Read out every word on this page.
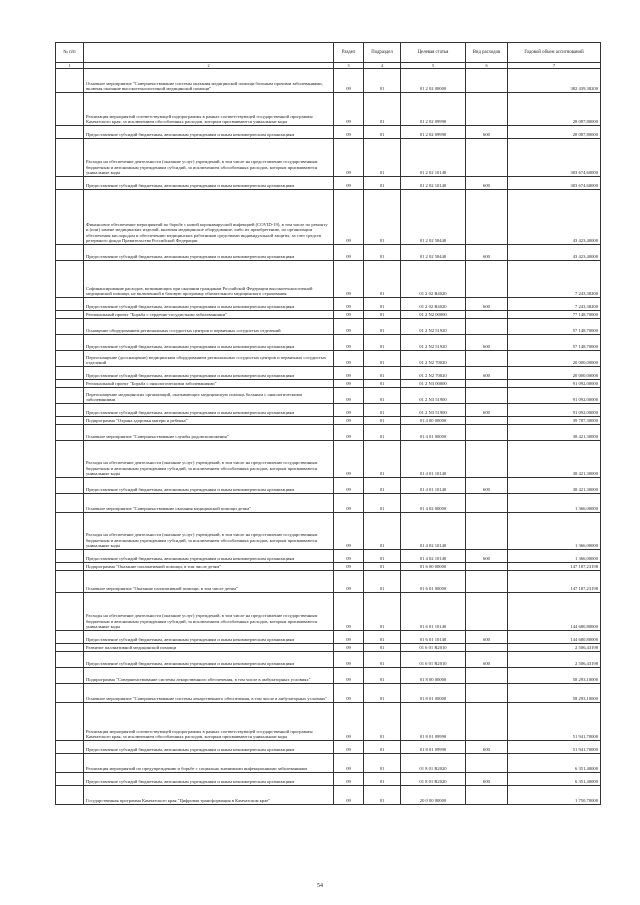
№ п/п		Раздел	Подраздел	Целевая статья	Вид расходов	Годовой объем ассигнований
1	2	3	4	5	6	7
	Основное мероприятие "Совершенствование системы оказания медицинской помощи больным прочими заболеваниями, включая оказание высокотехнологичной медицинской помощи"	09	01	01 2 02 00000		382 439,38200
	Реализация мероприятий соответствующей подпрограммы в рамках соответствующей государственной программы Камчатского края, за исключением обособленных расходов, которым присваиваются уникальные коды	09	01	01 2 02 09990		28 087,80000
	Предоставление субсидий бюджетным, автономным учреждениям и иным некоммерческим организациям	09	01	01 2 02 09990	600	28 087,80000
	Расходы на обеспечение деятельности (оказание услуг) учреждений, в том числе на предоставление государственным бюджетным и автономным учреждениям субсидий, за исключением обособленных расходов, которым присваиваются уникальные коды	09	01	01 2 02 10140		303 674,60000
	Предоставление субсидий бюджетным, автономным учреждениям и иным некоммерческим организациям	09	01	01 2 02 10140	600	303 674,60000
	Финансовое обеспечение мероприятий по борьбе с новой коронавирусной инфекцией (COVID-19), в том числе по ремонту и (или) замене медицинских изделий, включая медицинское оборудование, либо их приобретению, по организации обеспечения кислородом и обеспечению медицинских работников средствами индивидуальной защиты, за счет средств резервного фонда Правительства Российской Федерации	09	01	01 2 02 58440		43 423,40000
	Предоставление субсидий бюджетным, автономным учреждениям и иным некоммерческим организациям	09	01	01 2 02 58440	600	43 423,40000
	Софинансирование расходов, возникающих при оказании гражданам Российской Федерации высокотехнологичной медицинской помощи, не включенной в базовую программу обязательного медицинского страхования	09	01	01 2 02 R4020		7 243,38200
	Предоставление субсидий бюджетным, автономным учреждениям и иным некоммерческим организациям	09	01	01 2 02 R4020	600	7 243,38200
	Региональный проект "Борьба с сердечно-сосудистыми заболеваниями"	09	01	01 2 N2 00000		77 148,70000
	Оснащение оборудованием региональных сосудистых центров и первичных сосудистых отделений	09	01	01 2 N2 51920		57 148,70000
	Предоставление субсидий бюджетным, автономным учреждениям и иным некоммерческим организациям	09	01	01 2 N2 51920	600	57 148,70000
	Переоснащение (дооснащение) медицинским оборудованием региональных сосудистых центров и первичных сосудистых отделений	09	01	01 2 N2 70020		20 000,00000
	Предоставление субсидий бюджетным, автономным учреждениям и иным некоммерческим организациям	09	01	01 2 N2 70020	600	20 000,00000
	Региональный проект "Борьба с онкологическими заболеваниями"	09	01	01 2 N3 00000		91 092,00000
	Переоснащение медицинских организаций, оказывающих медицинскую помощь больным с онкологическими заболеваниями	09	01	01 2 N3 51900		91 092,00000
	Предоставление субсидий бюджетным, автономным учреждениям и иным некоммерческим организациям	09	01	01 2 N3 51900	600	91 092,00000
	Подпрограмма "Охрана здоровья матери и ребенка"	09	01	01 4 00 00000		39 787,30000
	Основное мероприятие "Совершенствование службы родовспоможения"	09	01	01 4 01 00000		38 421,30000
	Расходы на обеспечение деятельности (оказание услуг) учреждений, в том числе на предоставление государственным бюджетным и автономным учреждениям субсидий, за исключением обособленных расходов, которым присваиваются уникальные коды	09	01	01 4 01 10140		38 421,30000
	Предоставление субсидий бюджетным, автономным учреждениям и иным некоммерческим организациям	09	01	01 4 01 10140	600	38 421,30000
	Основное мероприятие "Совершенствование оказания медицинской помощи детям"	09	01	01 4 02 00000		1 366,00000
	Расходы на обеспечение деятельности (оказание услуг) учреждений, в том числе на предоставление государственным бюджетным и автономным учреждениям субсидий, за исключением обособленных расходов, которым присваиваются уникальные коды	09	01	01 4 02 10140		1 366,00000
	Предоставление субсидий бюджетным, автономным учреждениям и иным некоммерческим организациям	09	01	01 4 02 10140	600	1 366,00000
	Подпрограмма "Оказание паллиативной помощи, в том числе детям"	09	01	01 6 00 00000		147 187,23198
	Основное мероприятие "Оказание паллиативной помощи, в том числе детям"	09	01	01 6 01 00000		147 187,23198
	Расходы на обеспечение деятельности (оказание услуг) учреждений, в том числе на предоставление государственным бюджетным и автономным учреждениям субсидий, за исключением обособленных расходов, которым присваиваются уникальные коды	09	01	01 6 01 10140		144 680,80000
	Предоставление субсидий бюджетным, автономным учреждениям и иным некоммерческим организациям	09	01	01 6 01 10140	600	144 680,80000
	Развитие паллиативной медицинской помощи	09	01	01 6 01 R2010		2 506,43198
	Предоставление субсидий бюджетным, автономным учреждениям и иным некоммерческим организациям	09	01	01 6 01 R2010	600	2 506,43198
	Подпрограмма "Совершенствование системы лекарственного обеспечения, в том числе в амбулаторных условиях"	09	01	01 8 00 00000		58 293,10000
	Основное мероприятие "Совершенствование системы лекарственного обеспечения, в том числе в амбулаторных условиях"	09	01	01 8 01 00000		58 293,10000
	Реализация мероприятий соответствующей подпрограммы в рамках соответствующей государственной программы Камчатского края, за исключением обособленных расходов, которым присваиваются уникальные коды	09	01	01 8 01 09990		51 941,70000
	Предоставление субсидий бюджетным, автономным учреждениям и иным некоммерческим организациям	09	01	01 8 01 09990	600	51 941,70000
	Реализация мероприятий по предупреждению и борьбе с социально значимыми инфекционными заболеваниями	09	01	01 8 01 R2020		6 351,40000
	Предоставление субсидий бюджетным, автономным учреждениям и иным некоммерческим организациям	09	01	01 8 01 R2020	600	6 351,40000
	Государственная программа Камчатского края "Цифровая трансформация в Камчатском крае"	09	01	20 0 00 00000		1 750,70000
54
